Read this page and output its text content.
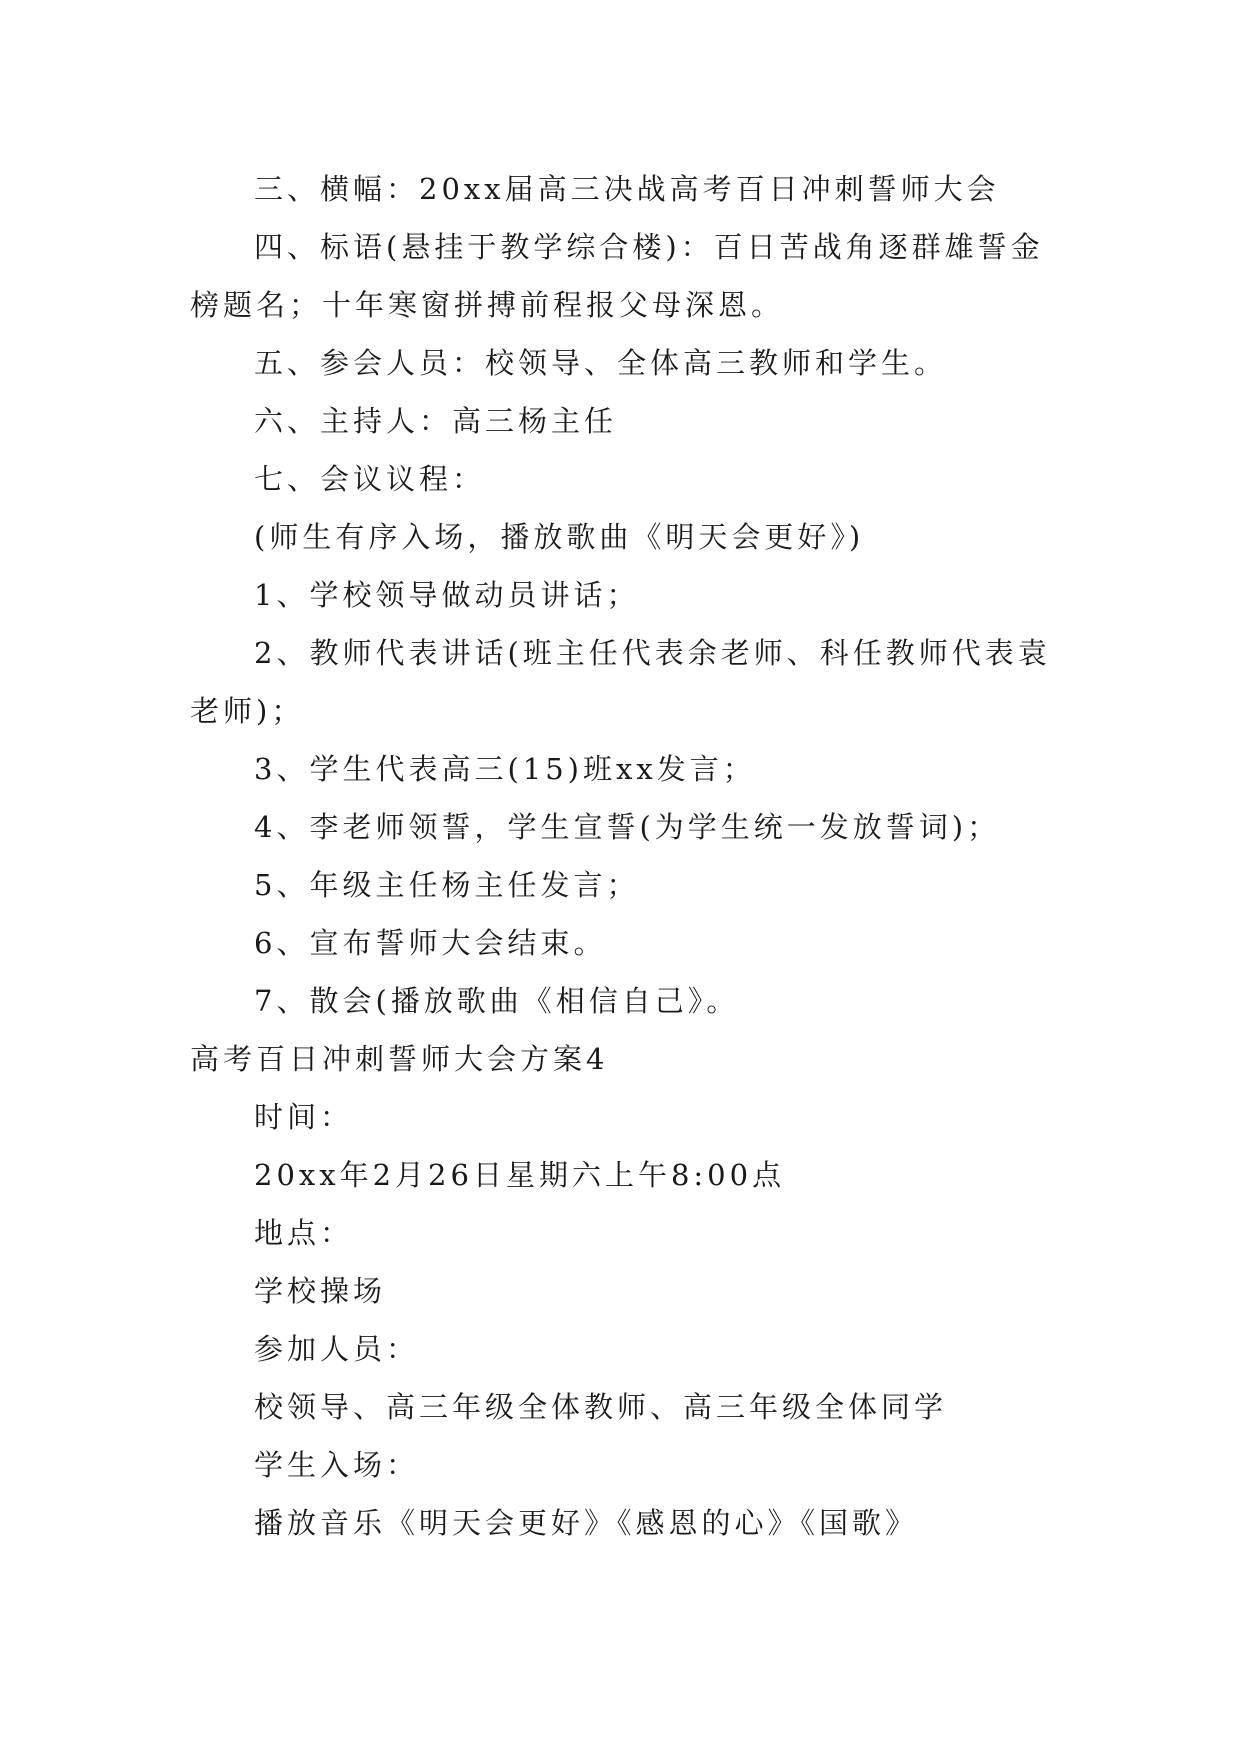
三、横幅：20xx届高三决战高考百日冲刺誓师大会

四、标语(悬挂于教学综合楼)：百日苦战角逐群雄誓金榜题名；十年寒窗拼搏前程报父母深恩。

五、参会人员：校领导、全体高三教师和学生。

六、主持人：高三杨主任

七、会议议程：

(师生有序入场，播放歌曲《明天会更好》)

1、学校领导做动员讲话；

2、教师代表讲话(班主任代表余老师、科任教师代表袁老师)；

3、学生代表高三(15)班xx发言；

4、李老师领誓，学生宣誓(为学生统一发放誓词)；

5、年级主任杨主任发言；

6、宣布誓师大会结束。

7、散会(播放歌曲《相信自己》。

高考百日冲刺誓师大会方案4

时间：

20xx年2月26日星期六上午8:00点

地点：

学校操场

参加人员：

校领导、高三年级全体教师、高三年级全体同学

学生入场：

播放音乐《明天会更好》《感恩的心》《国歌》
